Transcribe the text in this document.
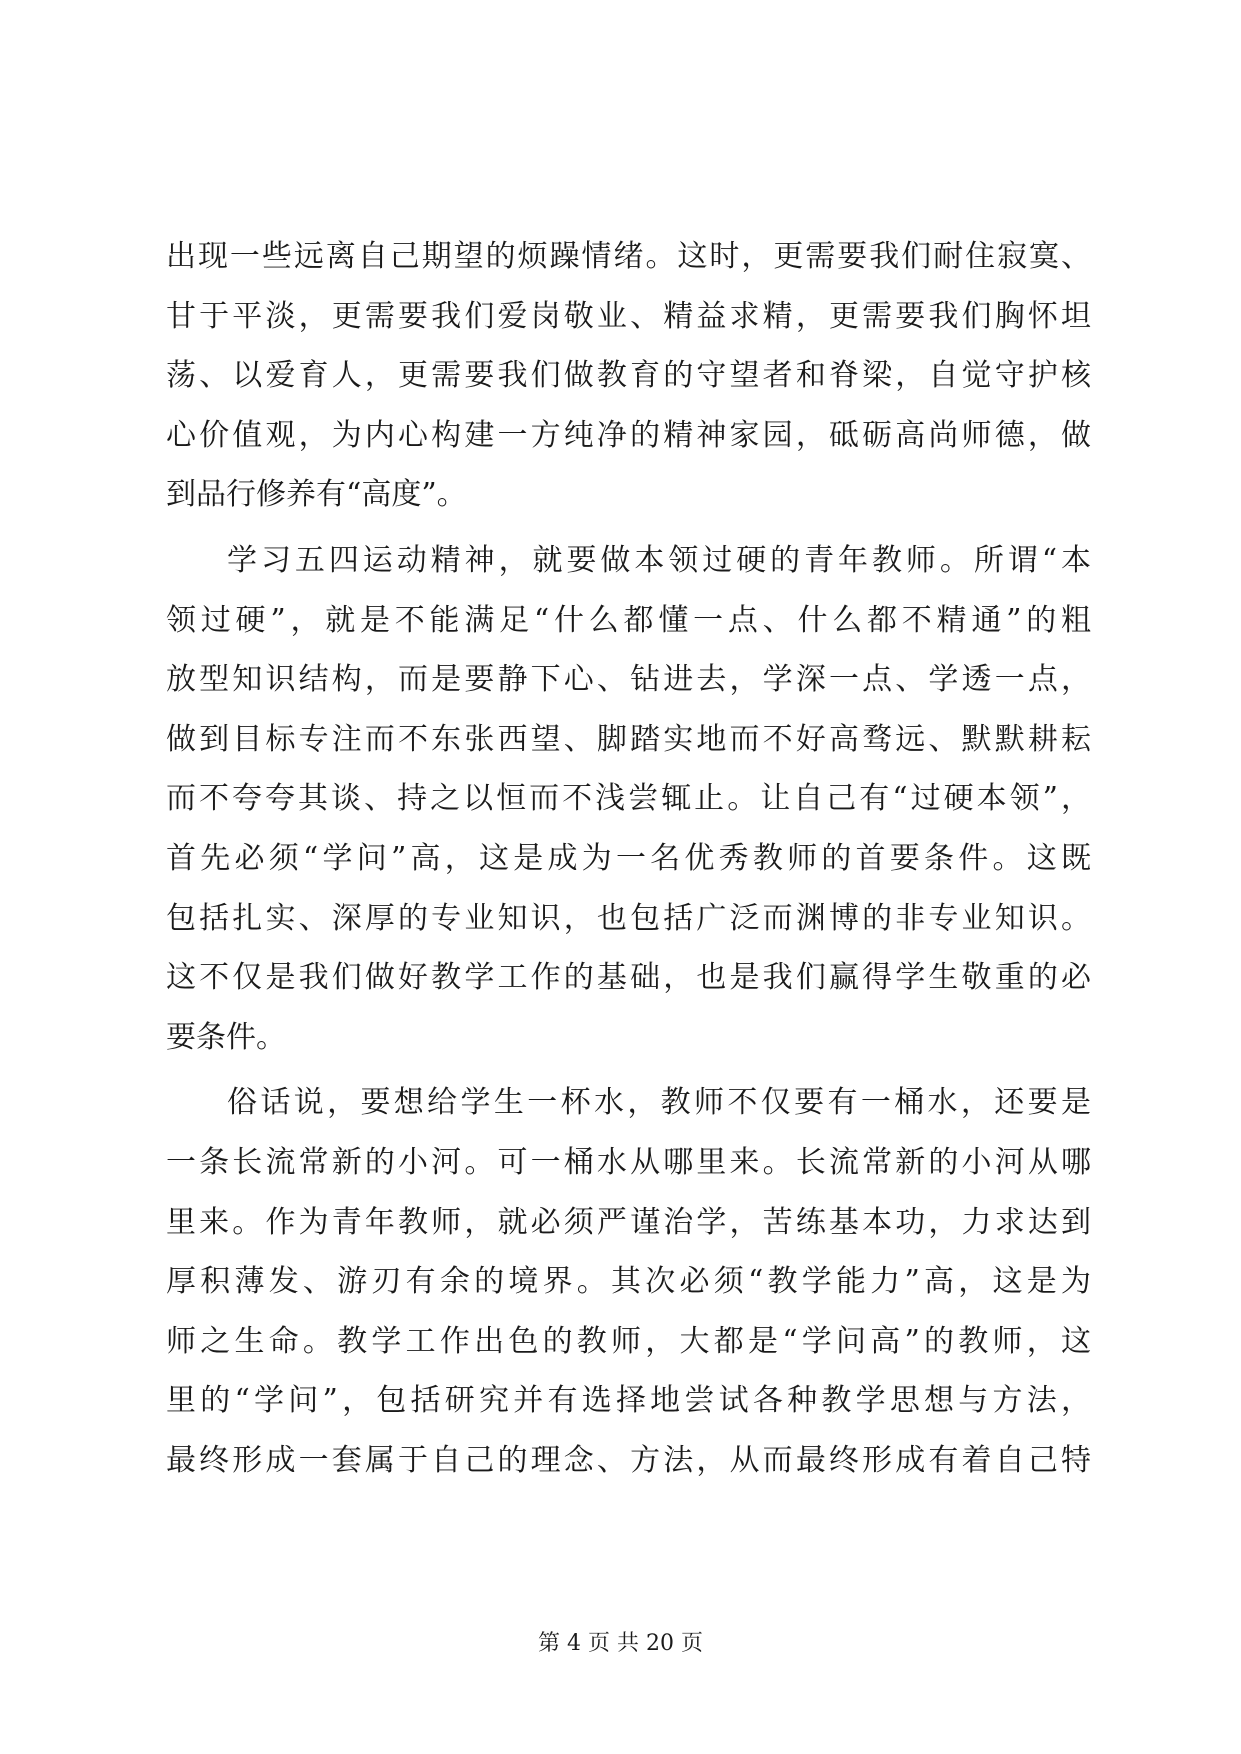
出现一些远离自己期望的烦躁情绪。这时，更需要我们耐住寂寞、
甘于平淡，更需要我们爱岗敬业、精益求精，更需要我们胸怀坦
荡、以爱育人，更需要我们做教育的守望者和脊梁，自觉守护核
心价值观，为内心构建一方纯净的精神家园，砥砺高尚师德，做
到品行修养有“高度”。
学习五四运动精神，就要做本领过硬的青年教师。所谓“本
领过硬”，就是不能满足“什么都懂一点、什么都不精通”的粗
放型知识结构，而是要静下心、钻进去，学深一点、学透一点，
做到目标专注而不东张西望、脚踏实地而不好高骛远、默默耕耘
而不夸夸其谈、持之以恒而不浅尝辄止。让自己有“过硬本领”，
首先必须“学问”高，这是成为一名优秀教师的首要条件。这既
包括扎实、深厚的专业知识，也包括广泛而渊博的非专业知识。
这不仅是我们做好教学工作的基础，也是我们赢得学生敬重的必
要条件。
俗话说，要想给学生一杯水，教师不仅要有一桶水，还要是
一条长流常新的小河。可一桶水从哪里来。长流常新的小河从哪
里来。作为青年教师，就必须严谨治学，苦练基本功，力求达到
厚积薄发、游刃有余的境界。其次必须“教学能力”高，这是为
师之生命。教学工作出色的教师，大都是“学问高”的教师，这
里的“学问”，包括研究并有选择地尝试各种教学思想与方法，
最终形成一套属于自己的理念、方法，从而最终形成有着自己特
第 4 页 共 20 页
